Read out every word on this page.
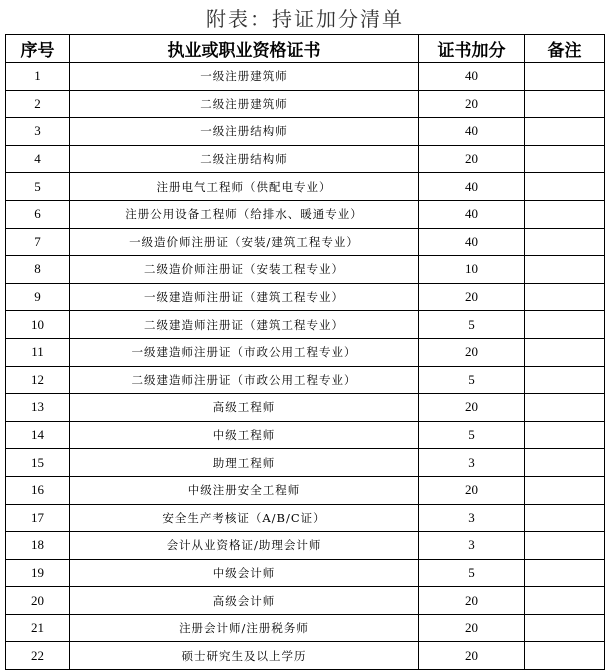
附表：持证加分清单
序号	执业或职业资格证书	证书加分	备注
1	一级注册建筑师	40	
2	二级注册建筑师	20	
3	一级注册结构师	40	
4	二级注册结构师	20	
5	注册电气工程师（供配电专业）	40	
6	注册公用设备工程师（给排水、暖通专业）	40	
7	一级造价师注册证（安装/建筑工程专业）	40	
8	二级造价师注册证（安装工程专业）	10	
9	一级建造师注册证（建筑工程专业）	20	
10	二级建造师注册证（建筑工程专业）	5	
11	一级建造师注册证（市政公用工程专业）	20	
12	二级建造师注册证（市政公用工程专业）	5	
13	高级工程师	20	
14	中级工程师	5	
15	助理工程师	3	
16	中级注册安全工程师	20	
17	安全生产考核证（A/B/C证）	3	
18	会计从业资格证/助理会计师	3	
19	中级会计师	5	
20	高级会计师	20	
21	注册会计师/注册税务师	20	
22	硕士研究生及以上学历	20	
